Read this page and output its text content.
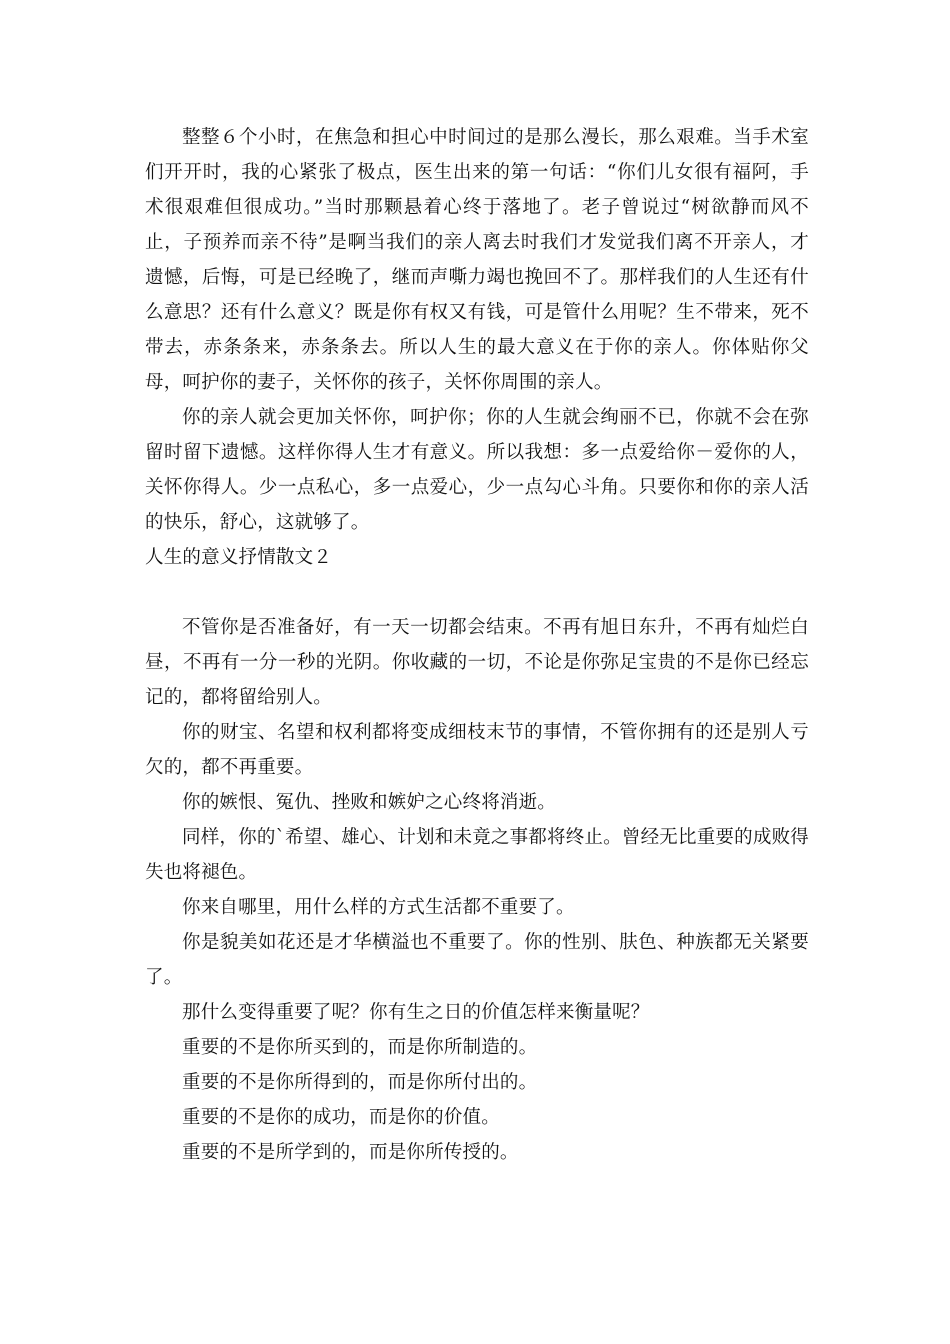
整整６个小时，在焦急和担心中时间过的是那么漫长，那么艰难。当手术室们开开时，我的心紧张了极点，医生出来的第一句话：“你们儿女很有福阿，手术很艰难但很成功。”当时那颗悬着心终于落地了。老子曾说过“树欲静而风不止，子预养而亲不待”是啊当我们的亲人离去时我们才发觉我们离不开亲人，才遗憾，后悔，可是已经晚了，继而声嘶力竭也挽回不了。那样我们的人生还有什么意思？还有什么意义？既是你有权又有钱，可是管什么用呢？生不带来，死不带去，赤条条来，赤条条去。所以人生的最大意义在于你的亲人。你体贴你父母，呵护你的妻子，关怀你的孩子，关怀你周围的亲人。

你的亲人就会更加关怀你，呵护你；你的人生就会绚丽不已，你就不会在弥留时留下遗憾。这样你得人生才有意义。所以我想：多一点爱给你－爱你的人，关怀你得人。少一点私心，多一点爱心，少一点勾心斗角。只要你和你的亲人活的快乐，舒心，这就够了。

人生的意义抒情散文２

不管你是否准备好，有一天一切都会结束。不再有旭日东升，不再有灿烂白昼，不再有一分一秒的光阴。你收藏的一切，不论是你弥足宝贵的不是你已经忘记的，都将留给别人。

你的财宝、名望和权利都将变成细枝末节的事情，不管你拥有的还是别人亏欠的，都不再重要。

你的嫉恨、冤仇、挫败和嫉妒之心终将消逝。

同样，你的`希望、雄心、计划和未竟之事都将终止。曾经无比重要的成败得失也将褪色。

你来自哪里，用什么样的方式生活都不重要了。

你是貌美如花还是才华横溢也不重要了。你的性别、肤色、种族都无关紧要了。

那什么变得重要了呢？你有生之日的价值怎样来衡量呢？

重要的不是你所买到的，而是你所制造的。

重要的不是你所得到的，而是你所付出的。

重要的不是你的成功，而是你的价值。

重要的不是所学到的，而是你所传授的。
